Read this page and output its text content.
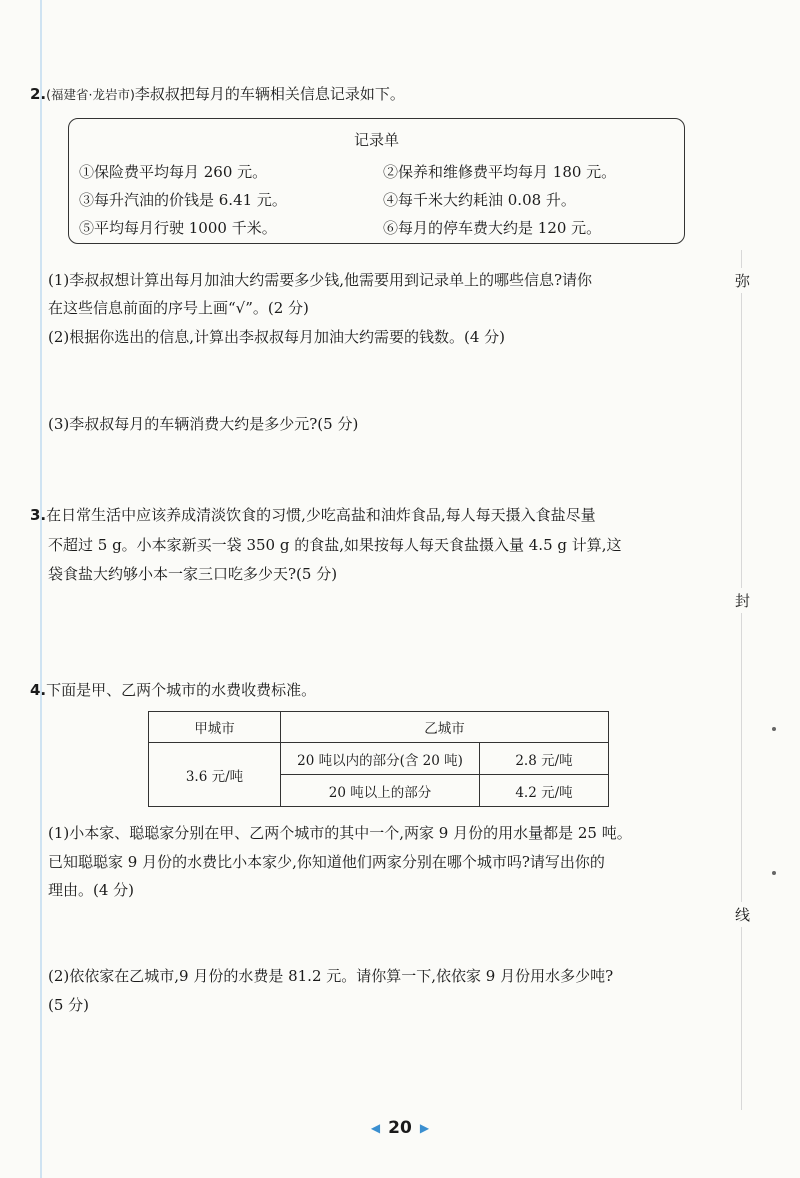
弥
封
线
2.(福建省·龙岩市)李叔叔把每月的车辆相关信息记录如下。
记录单
①保险费平均每月 260 元。	②保养和维修费平均每月 180 元。
③每升汽油的价钱是 6.41 元。	④每千米大约耗油 0.08 升。
⑤平均每月行驶 1000 千米。	⑥每月的停车费大约是 120 元。
(1)李叔叔想计算出每月加油大约需要多少钱,他需要用到记录单上的哪些信息?请你
在这些信息前面的序号上画“√”。(2 分)
(2)根据你选出的信息,计算出李叔叔每月加油大约需要的钱数。(4 分)
(3)李叔叔每月的车辆消费大约是多少元?(5 分)
3.在日常生活中应该养成清淡饮食的习惯,少吃高盐和油炸食品,每人每天摄入食盐尽量
不超过 5 g。小本家新买一袋 350 g 的食盐,如果按每人每天食盐摄入量 4.5 g 计算,这
袋食盐大约够小本一家三口吃多少天?(5 分)
4.下面是甲、乙两个城市的水费收费标准。
甲城市	乙城市	
3.6 元/吨	20 吨以内的部分(含 20 吨)	2.8 元/吨
	20 吨以上的部分	4.2 元/吨
(1)小本家、聪聪家分别在甲、乙两个城市的其中一个,两家 9 月份的用水量都是 25 吨。
已知聪聪家 9 月份的水费比小本家少,你知道他们两家分别在哪个城市吗?请写出你的
理由。(4 分)
(2)依依家在乙城市,9 月份的水费是 81.2 元。请你算一下,依依家 9 月份用水多少吨?
(5 分)
◀ 20 ▶
